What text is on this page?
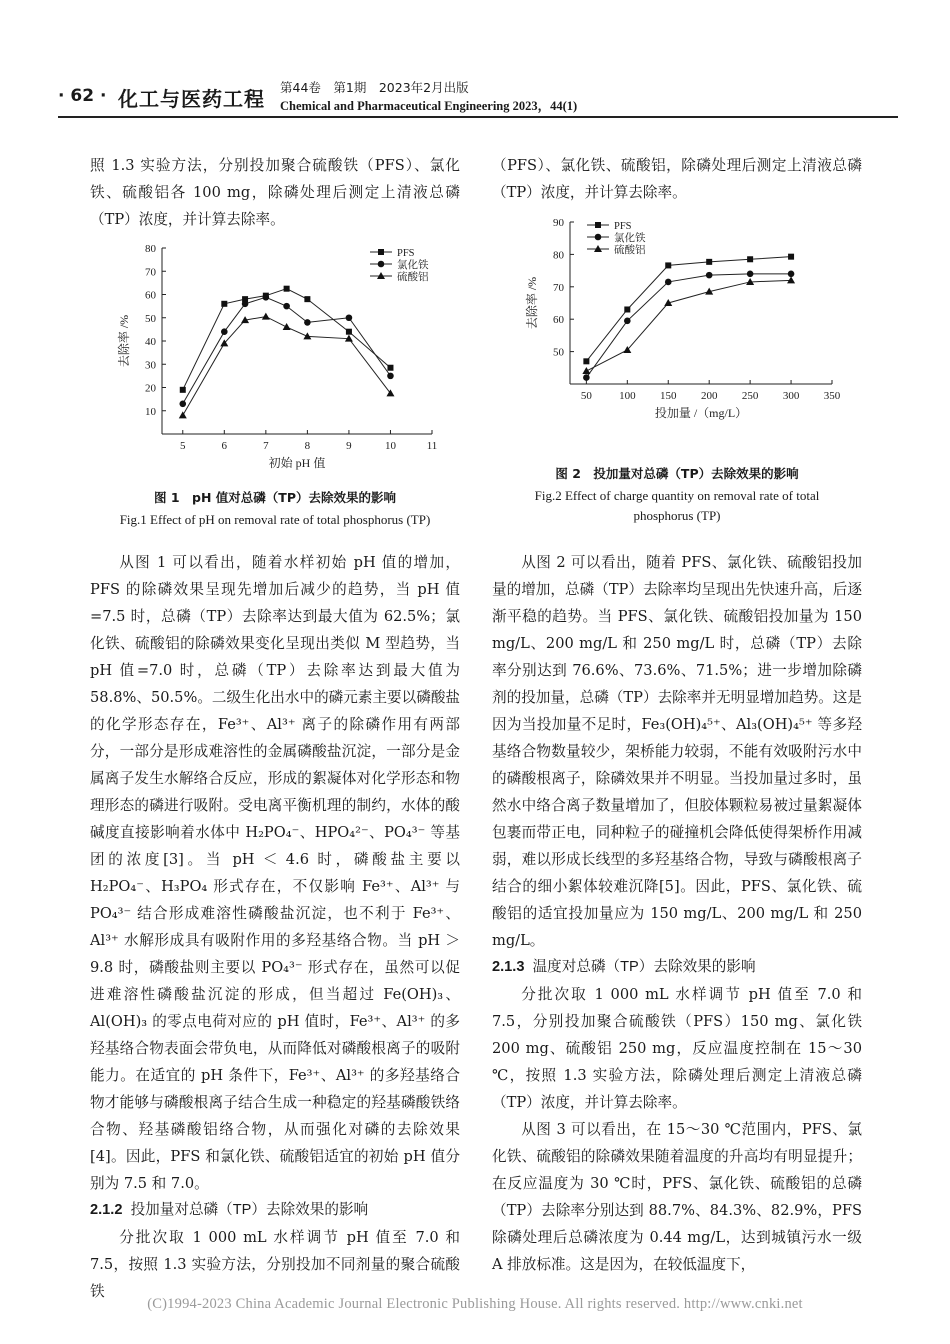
· 62 · 化工与医药工程 第44卷　第1期　2023年2月出版
Chemical and Pharmaceutical Engineering 2023，44(1)

照 1.3 实验方法，分别投加聚合硫酸铁（PFS）、氯化铁、硫酸铝各 100 mg，除磷处理后测定上清液总磷（TP）浓度，并计算去除率。

5	6	7	8	9	10	11
10
20
30
40
50
60
70
80
初始 pH 值
去除率 /%
PFS
氯化铁
硫酸铝
图 1　pH 值对总磷（TP）去除效果的影响
Fig.1 Effect of pH on removal rate of total phosphorus (TP)

从图 1 可以看出，随着水样初始 pH 值的增加，PFS 的除磷效果呈现先增加后减少的趋势，当 pH 值=7.5 时，总磷（TP）去除率达到最大值为 62.5%；氯化铁、硫酸铝的除磷效果变化呈现出类似 M 型趋势，当 pH 值=7.0 时，总磷（TP）去除率达到最大值为 58.8%、50.5%。二级生化出水中的磷元素主要以磷酸盐的化学形态存在，Fe³⁺、Al³⁺ 离子的除磷作用有两部分，一部分是形成难溶性的金属磷酸盐沉淀，一部分是金属离子发生水解络合反应，形成的絮凝体对化学形态和物理形态的磷进行吸附。受电离平衡机理的制约，水体的酸碱度直接影响着水体中 H₂PO₄⁻、HPO₄²⁻、PO₄³⁻ 等基团的浓度[3]。当 pH ＜ 4.6 时，磷酸盐主要以 H₂PO₄⁻、H₃PO₄ 形式存在，不仅影响 Fe³⁺、Al³⁺ 与 PO₄³⁻ 结合形成难溶性磷酸盐沉淀，也不利于 Fe³⁺、Al³⁺ 水解形成具有吸附作用的多羟基络合物。当 pH ＞ 9.8 时，磷酸盐则主要以 PO₄³⁻ 形式存在，虽然可以促进难溶性磷酸盐沉淀的形成，但当超过 Fe(OH)₃、Al(OH)₃ 的零点电荷对应的 pH 值时，Fe³⁺、Al³⁺ 的多羟基络合物表面会带负电，从而降低对磷酸根离子的吸附能力。在适宜的 pH 条件下，Fe³⁺、Al³⁺ 的多羟基络合物才能够与磷酸根离子结合生成一种稳定的羟基磷酸铁络合物、羟基磷酸铝络合物，从而强化对磷的去除效果[4]。因此，PFS 和氯化铁、硫酸铝适宜的初始 pH 值分别为 7.5 和 7.0。

2.1.2 投加量对总磷（TP）去除效果的影响

分批次取 1 000 mL 水样调节 pH 值至 7.0 和 7.5，按照 1.3 实验方法，分别投加不同剂量的聚合硫酸铁

（PFS）、氯化铁、硫酸铝，除磷处理后测定上清液总磷（TP）浓度，并计算去除率。

50 100 150 200 250 300 350
50
60
70
80
90
投加量 /（mg/L）
去除率 /%
PFS
氯化铁
硫酸铝
图 2　投加量对总磷（TP）去除效果的影响
Fig.2 Effect of charge quantity on removal rate of total
phosphorus (TP)

从图 2 可以看出，随着 PFS、氯化铁、硫酸铝投加量的增加，总磷（TP）去除率均呈现出先快速升高，后逐渐平稳的趋势。当 PFS、氯化铁、硫酸铝投加量为 150 mg/L、200 mg/L 和 250 mg/L 时，总磷（TP）去除率分别达到 76.6%、73.6%、71.5%；进一步增加除磷剂的投加量，总磷（TP）去除率并无明显增加趋势。这是因为当投加量不足时，Fe₃(OH)₄⁵⁺、Al₃(OH)₄⁵⁺ 等多羟基络合物数量较少，架桥能力较弱，不能有效吸附污水中的磷酸根离子，除磷效果并不明显。当投加量过多时，虽然水中络合离子数量增加了，但胶体颗粒易被过量絮凝体包裹而带正电，同种粒子的碰撞机会降低使得架桥作用减弱，难以形成长线型的多羟基络合物，导致与磷酸根离子结合的细小絮体较难沉降[5]。因此，PFS、氯化铁、硫酸铝的适宜投加量应为 150 mg/L、200 mg/L 和 250 mg/L。

2.1.3 温度对总磷（TP）去除效果的影响

分批次取 1 000 mL 水样调节 pH 值至 7.0 和 7.5，分别投加聚合硫酸铁（PFS）150 mg、氯化铁 200 mg、硫酸铝 250 mg，反应温度控制在 15～30 ℃，按照 1.3 实验方法，除磷处理后测定上清液总磷（TP）浓度，并计算去除率。

从图 3 可以看出，在 15～30 ℃范围内，PFS、氯化铁、硫酸铝的除磷效果随着温度的升高均有明显提升；在反应温度为 30 ℃时，PFS、氯化铁、硫酸铝的总磷（TP）去除率分别达到 88.7%、84.3%、82.9%，PFS 除磷处理后总磷浓度为 0.44 mg/L，达到城镇污水一级 A 排放标准。这是因为，在较低温度下，

(C)1994-2023 China Academic Journal Electronic Publishing House. All rights reserved. http://www.cnki.net
